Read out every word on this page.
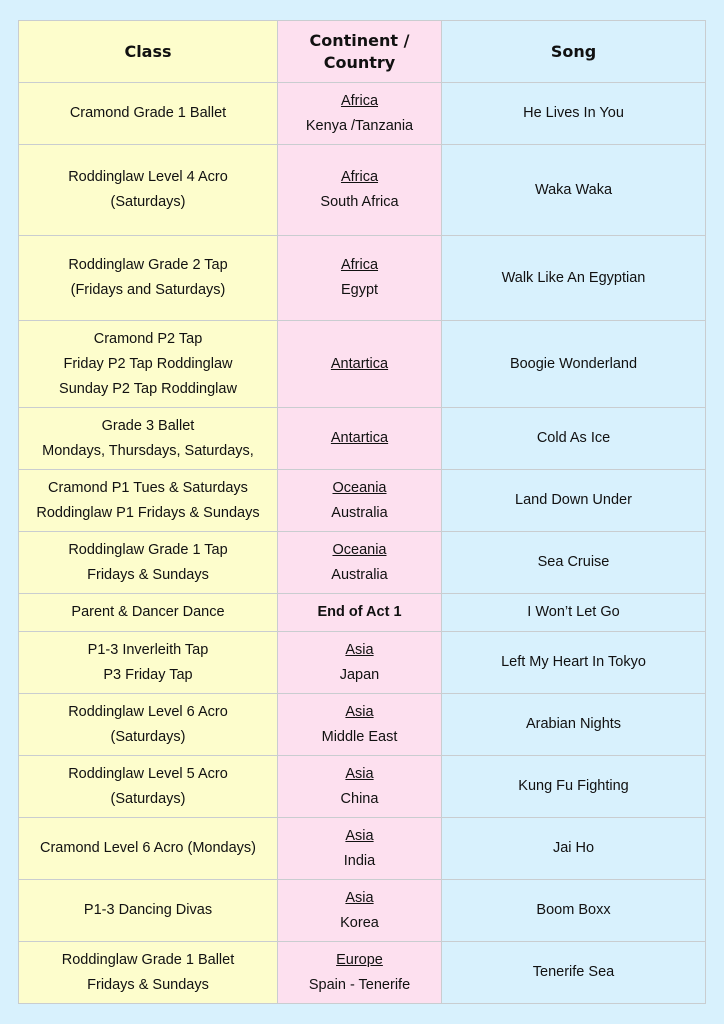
Class	Continent / Country	Song

Cramond Grade 1 Ballet	Africa
Kenya /Tanzania	He Lives In You

Roddinglaw Level 4 Acro
(Saturdays)	Africa
South Africa	Waka Waka

Roddinglaw Grade 2 Tap
(Fridays and Saturdays)	Africa
Egypt	Walk Like An Egyptian

Cramond P2 Tap
Friday P2 Tap Roddinglaw
Sunday P2 Tap Roddinglaw	Antartica	Boogie Wonderland

Grade 3 Ballet
Mondays, Thursdays, Saturdays,	Antartica	Cold As Ice

Cramond P1 Tues & Saturdays
Roddinglaw P1 Fridays & Sundays	Oceania
Australia	Land Down Under

Roddinglaw Grade 1 Tap
Fridays & Sundays	Oceania
Australia	Sea Cruise

Parent & Dancer Dance	End of Act 1	I Won’t Let Go

P1-3 Inverleith Tap
P3 Friday Tap	Asia
Japan	Left My Heart In Tokyo

Roddinglaw Level 6 Acro
(Saturdays)	Asia
Middle East	Arabian Nights

Roddinglaw Level 5 Acro
(Saturdays)	Asia
China	Kung Fu Fighting

Cramond Level 6 Acro (Mondays)	Asia
India	Jai Ho

P1-3 Dancing Divas	Asia
Korea	Boom Boxx

Roddinglaw Grade 1 Ballet
Fridays & Sundays	Europe
Spain - Tenerife	Tenerife Sea
